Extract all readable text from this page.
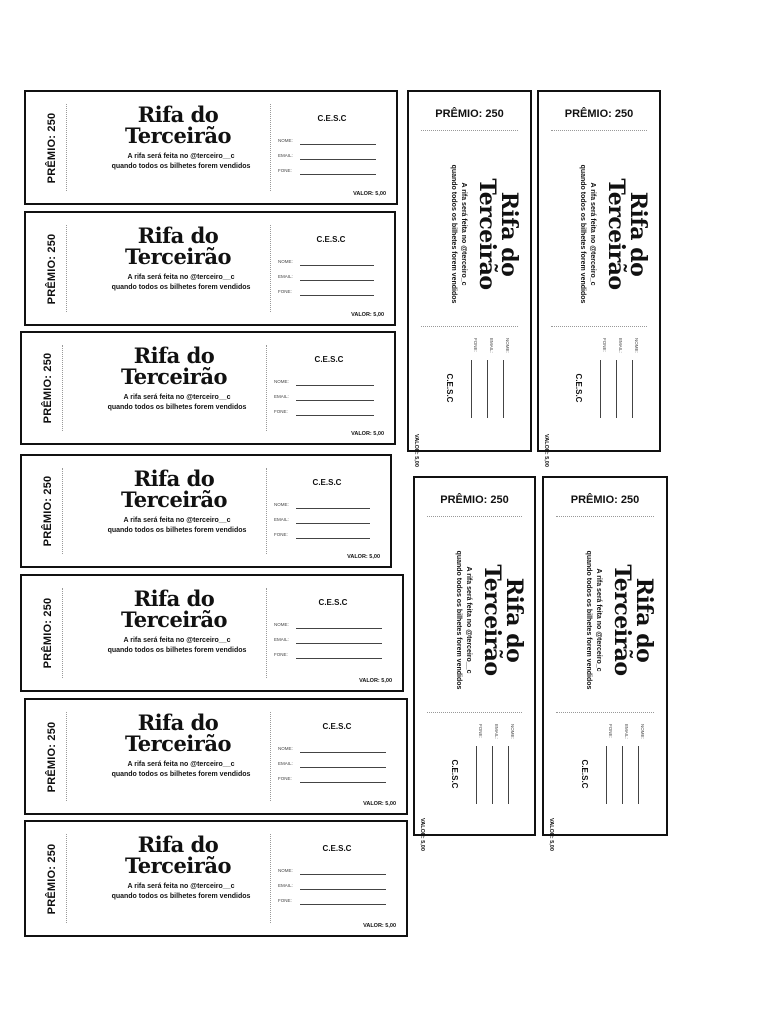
PRÊMIO: 250	Rifa do
Terceirão
A rifa será feita no @terceiro__c
quando todos os bilhetes forem vendidos
C.E.S.C
NOME:
EMAIL:
FONE:
VALOR: 5,00
PRÊMIO: 250	Rifa do
Terceirão
A rifa será feita no @terceiro__c
quando todos os bilhetes forem vendidos
C.E.S.C
NOME:
EMAIL:
FONE:
VALOR: 5,00
PRÊMIO: 250	Rifa do
Terceirão
A rifa será feita no @terceiro__c
quando todos os bilhetes forem vendidos
C.E.S.C
NOME:
EMAIL:
FONE:
VALOR: 5,00
PRÊMIO: 250	Rifa do
Terceirão
A rifa será feita no @terceiro__c
quando todos os bilhetes forem vendidos
C.E.S.C
NOME:
EMAIL:
FONE:
VALOR: 5,00
PRÊMIO: 250	Rifa do
Terceirão
A rifa será feita no @terceiro__c
quando todos os bilhetes forem vendidos
C.E.S.C
NOME:
EMAIL:
FONE:
VALOR: 5,00
PRÊMIO: 250	Rifa do
Terceirão
A rifa será feita no @terceiro__c
quando todos os bilhetes forem vendidos
C.E.S.C
NOME:
EMAIL:
FONE:
VALOR: 5,00
PRÊMIO: 250	Rifa do
Terceirão
A rifa será feita no @terceiro__c
quando todos os bilhetes forem vendidos
C.E.S.C
NOME:
EMAIL:
FONE:
VALOR: 5,00
PRÊMIO: 250
Rifa do
Terceirão
A rifa será feita no @terceiro_c
quando todos os bilhetes forem vendidos
NOME:
EMAIL:
FONE:
C.E.S.C
VALOR: 5,00
PRÊMIO: 250
Rifa do
Terceirão
A rifa será feita no @terceiro_c
quando todos os bilhetes forem vendidos
NOME:
EMAIL:
FONE:
C.E.S.C
VALOR: 5,00
PRÊMIO: 250
Rifa do
Terceirão
A rifa será feita no @terceiro__c
quando todos os bilhetes forem vendidos
NOME:
EMAIL:
FONE:
C.E.S.C
VALOR: 5,00
PRÊMIO: 250
Rifa do
Terceirão
A rifa será feita no @terceiro_c
quando todos os bilhetes forem vendidos
NOME:
EMAIL:
FONE:
C.E.S.C
VALOR: 5,00
